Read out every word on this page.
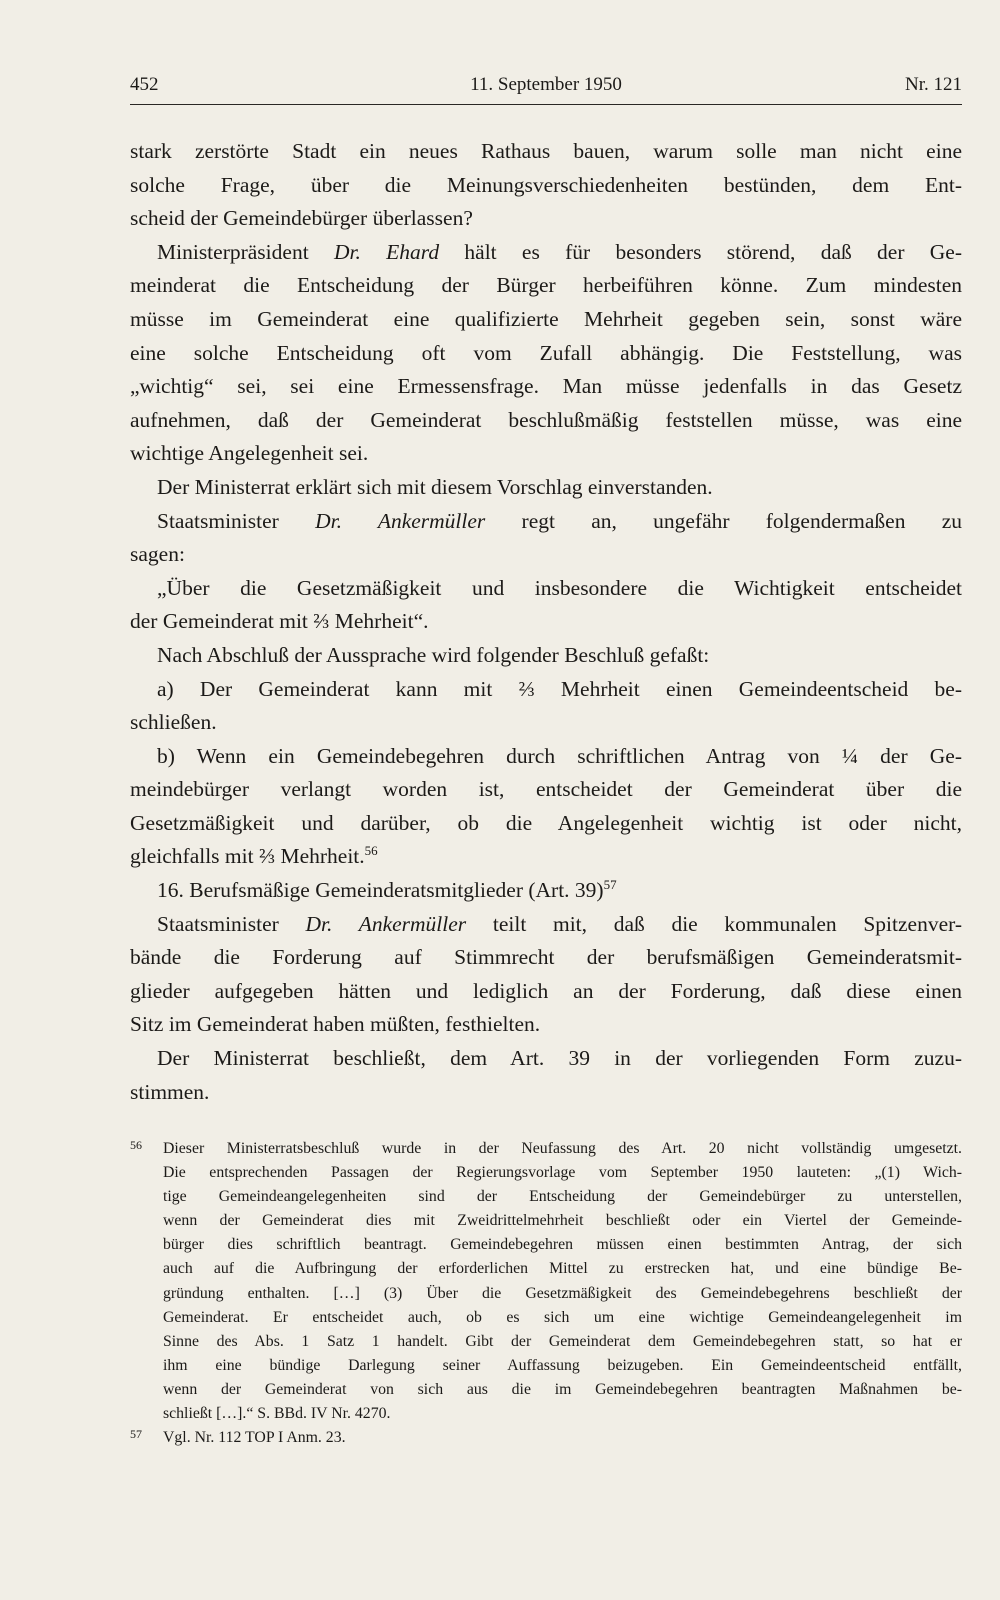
452	11. September 1950	Nr. 121
stark zerstörte Stadt ein neues Rathaus bauen, warum solle man nicht eine
solche Frage, über die Meinungsverschiedenheiten bestünden, dem Ent-
scheid der Gemeindebürger überlassen?
Ministerpräsident Dr. Ehard hält es für besonders störend, daß der Ge-
meinderat die Entscheidung der Bürger herbeiführen könne. Zum mindesten
müsse im Gemeinderat eine qualifizierte Mehrheit gegeben sein, sonst wäre
eine solche Entscheidung oft vom Zufall abhängig. Die Feststellung, was
„wichtig“ sei, sei eine Ermessensfrage. Man müsse jedenfalls in das Gesetz
aufnehmen, daß der Gemeinderat beschlußmäßig feststellen müsse, was eine
wichtige Angelegenheit sei.
Der Ministerrat erklärt sich mit diesem Vorschlag einverstanden.
Staatsminister Dr. Ankermüller regt an, ungefähr folgendermaßen zu
sagen:
„Über die Gesetzmäßigkeit und insbesondere die Wichtigkeit entscheidet
der Gemeinderat mit ⅔ Mehrheit“.
Nach Abschluß der Aussprache wird folgender Beschluß gefaßt:
a) Der Gemeinderat kann mit ⅔ Mehrheit einen Gemeindeentscheid be-
schließen.
b) Wenn ein Gemeindebegehren durch schriftlichen Antrag von ¼ der Ge-
meindebürger verlangt worden ist, entscheidet der Gemeinderat über die
Gesetzmäßigkeit und darüber, ob die Angelegenheit wichtig ist oder nicht,
gleichfalls mit ⅔ Mehrheit.$^{56}$
16. Berufsmäßige Gemeinderatsmitglieder (Art. 39)$^{57}$
Staatsminister Dr. Ankermüller teilt mit, daß die kommunalen Spitzenver-
bände die Forderung auf Stimmrecht der berufsmäßigen Gemeinderatsmit-
glieder aufgegeben hätten und lediglich an der Forderung, daß diese einen
Sitz im Gemeinderat haben müßten, festhielten.
Der Ministerrat beschließt, dem Art. 39 in der vorliegenden Form zuzu-
stimmen.
56 Dieser Ministerratsbeschluß wurde in der Neufassung des Art. 20 nicht vollständig umgesetzt.
Die entsprechenden Passagen der Regierungsvorlage vom September 1950 lauteten: „(1) Wich-
tige Gemeindeangelegenheiten sind der Entscheidung der Gemeindebürger zu unterstellen,
wenn der Gemeinderat dies mit Zweidrittelmehrheit beschließt oder ein Viertel der Gemeinde-
bürger dies schriftlich beantragt. Gemeindebegehren müssen einen bestimmten Antrag, der sich
auch auf die Aufbringung der erforderlichen Mittel zu erstrecken hat, und eine bündige Be-
gründung enthalten. […] (3) Über die Gesetzmäßigkeit des Gemeindebegehrens beschließt der
Gemeinderat. Er entscheidet auch, ob es sich um eine wichtige Gemeindeangelegenheit im
Sinne des Abs. 1 Satz 1 handelt. Gibt der Gemeinderat dem Gemeindebegehren statt, so hat er
ihm eine bündige Darlegung seiner Auffassung beizugeben. Ein Gemeindeentscheid entfällt,
wenn der Gemeinderat von sich aus die im Gemeindebegehren beantragten Maßnahmen be-
schließt […].“ S. BBd. IV Nr. 4270.
57 Vgl. Nr. 112 TOP I Anm. 23.
